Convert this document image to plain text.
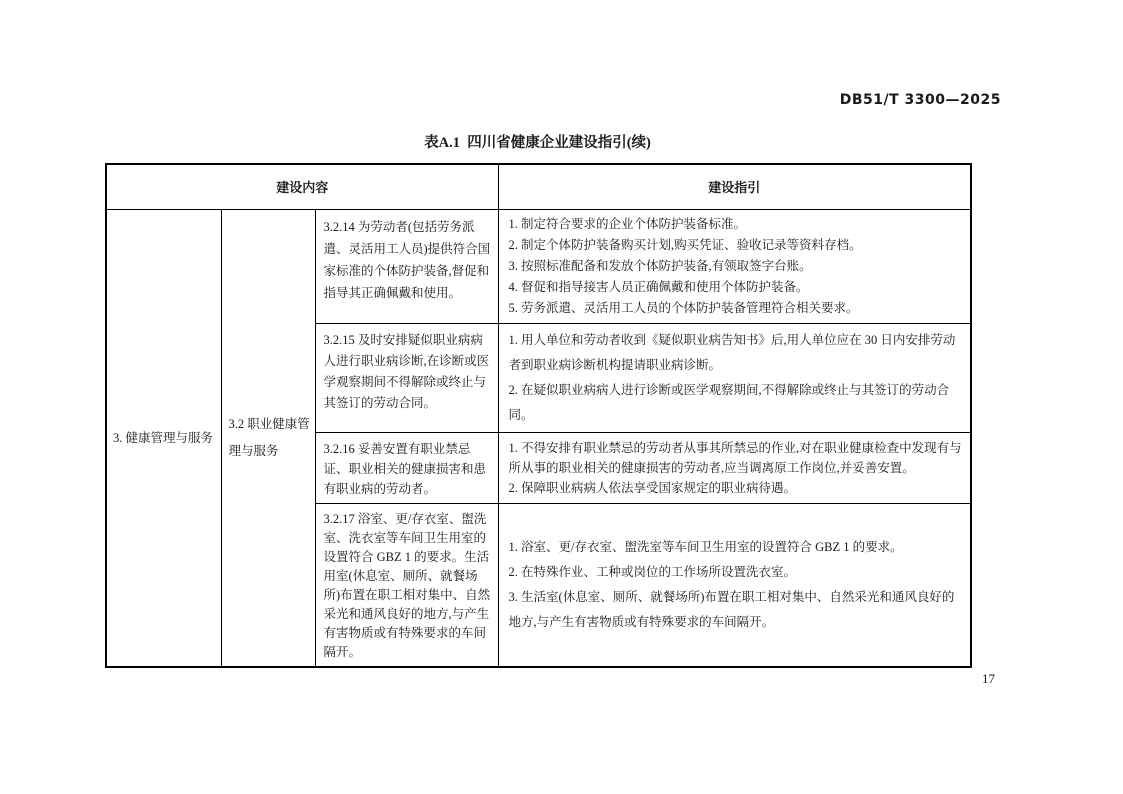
DB51/T 3300—2025
表A.1  四川省健康企业建设指引(续)
建设内容			建设指引
3. 健康管理与服务	3.2 职业健康管理与服务	3.2.14 为劳动者(包括劳务派遣、灵活用工人员)提供符合国家标准的个体防护装备,督促和指导其正确佩戴和使用。	1. 制定符合要求的企业个体防护装备标准。
2. 制定个体防护装备购买计划,购买凭证、验收记录等资料存档。
3. 按照标准配备和发放个体防护装备,有领取签字台账。
4. 督促和指导接害人员正确佩戴和使用个体防护装备。
5. 劳务派遣、灵活用工人员的个体防护装备管理符合相关要求。

		3.2.15 及时安排疑似职业病病人进行职业病诊断,在诊断或医学观察期间不得解除或终止与其签订的劳动合同。	1. 用人单位和劳动者收到《疑似职业病告知书》后,用人单位应在 30 日内安排劳动者到职业病诊断机构提请职业病诊断。
2. 在疑似职业病病人进行诊断或医学观察期间,不得解除或终止与其签订的劳动合同。

		3.2.16 妥善安置有职业禁忌证、职业相关的健康损害和患有职业病的劳动者。	1. 不得安排有职业禁忌的劳动者从事其所禁忌的作业,对在职业健康检查中发现有与所从事的职业相关的健康损害的劳动者,应当调离原工作岗位,并妥善安置。
2. 保障职业病病人依法享受国家规定的职业病待遇。

		3.2.17 浴室、更/存衣室、盥洗室、洗衣室等车间卫生用室的设置符合 GBZ 1 的要求。生活用室(休息室、厕所、就餐场所)布置在职工相对集中、自然采光和通风良好的地方,与产生有害物质或有特殊要求的车间隔开。	1. 浴室、更/存衣室、盥洗室等车间卫生用室的设置符合 GBZ 1 的要求。
2. 在特殊作业、工种或岗位的工作场所设置洗衣室。
3. 生活室(休息室、厕所、就餐场所)布置在职工相对集中、自然采光和通风良好的地方,与产生有害物质或有特殊要求的车间隔开。
17
